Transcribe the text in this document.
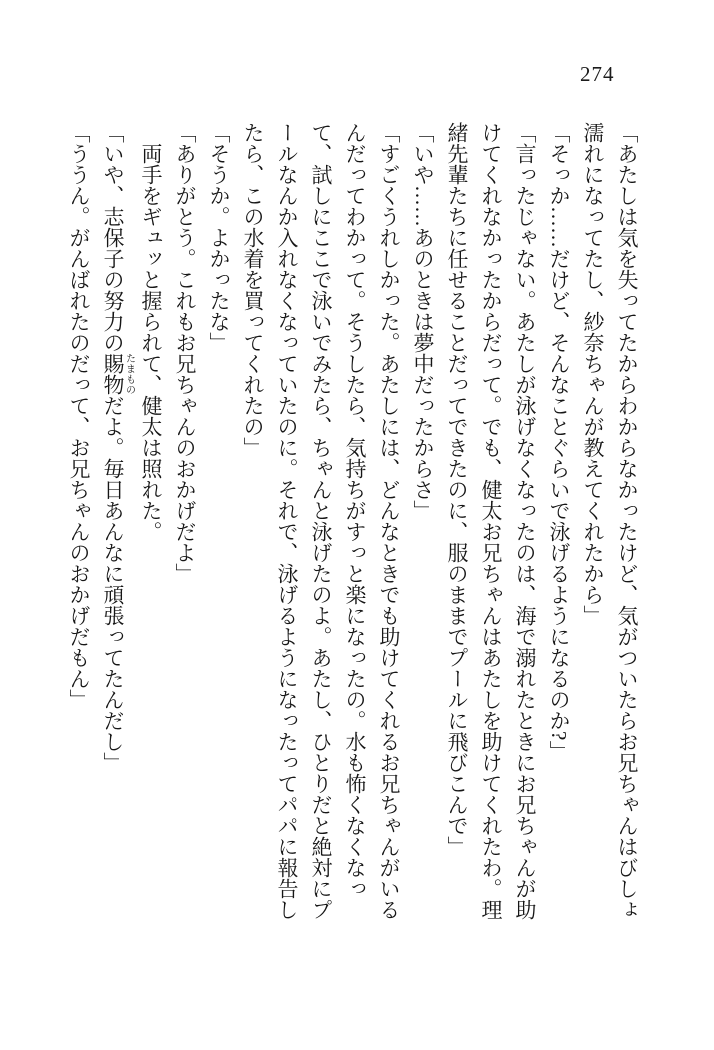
274

「あたしは気を失ってたからわからなかったけど、気がついたらお兄ちゃんはびしょ濡れになってたし、紗奈ちゃんが教えてくれたから」

「そっか……だけど、そんなことぐらいで泳げるようになるのか?」

「言ったじゃない。あたしが泳げなくなったのは、海で溺れたときにお兄ちゃんが助けてくれなかったからだって。でも、健太お兄ちゃんはあたしを助けてくれたわ。理緒先輩たちに任せることだってできたのに、服のままでプールに飛びこんで」

「いや……あのときは夢中だったからさ」

「すごくうれしかった。あたしには、どんなときでも助けてくれるお兄ちゃんがいるんだってわかって。そうしたら、気持ちがすっと楽になったの。水も怖くなくなって、試しにここで泳いでみたら、ちゃんと泳げたのよ。あたし、ひとりだと絶対にプールなんか入れなくなっていたのに。それで、泳げるようになったってパパに報告したら、この水着を買ってくれたの」

「そうか。よかったな」

「ありがとう。これもお兄ちゃんのおかげだよ」

両手をギュッと握られて、健太は照れた。

「いや、志保子の努力の賜物たまものだよ。毎日あんなに頑張ってたんだし」

「ううん。がんばれたのだって、お兄ちゃんのおかげだもん」
